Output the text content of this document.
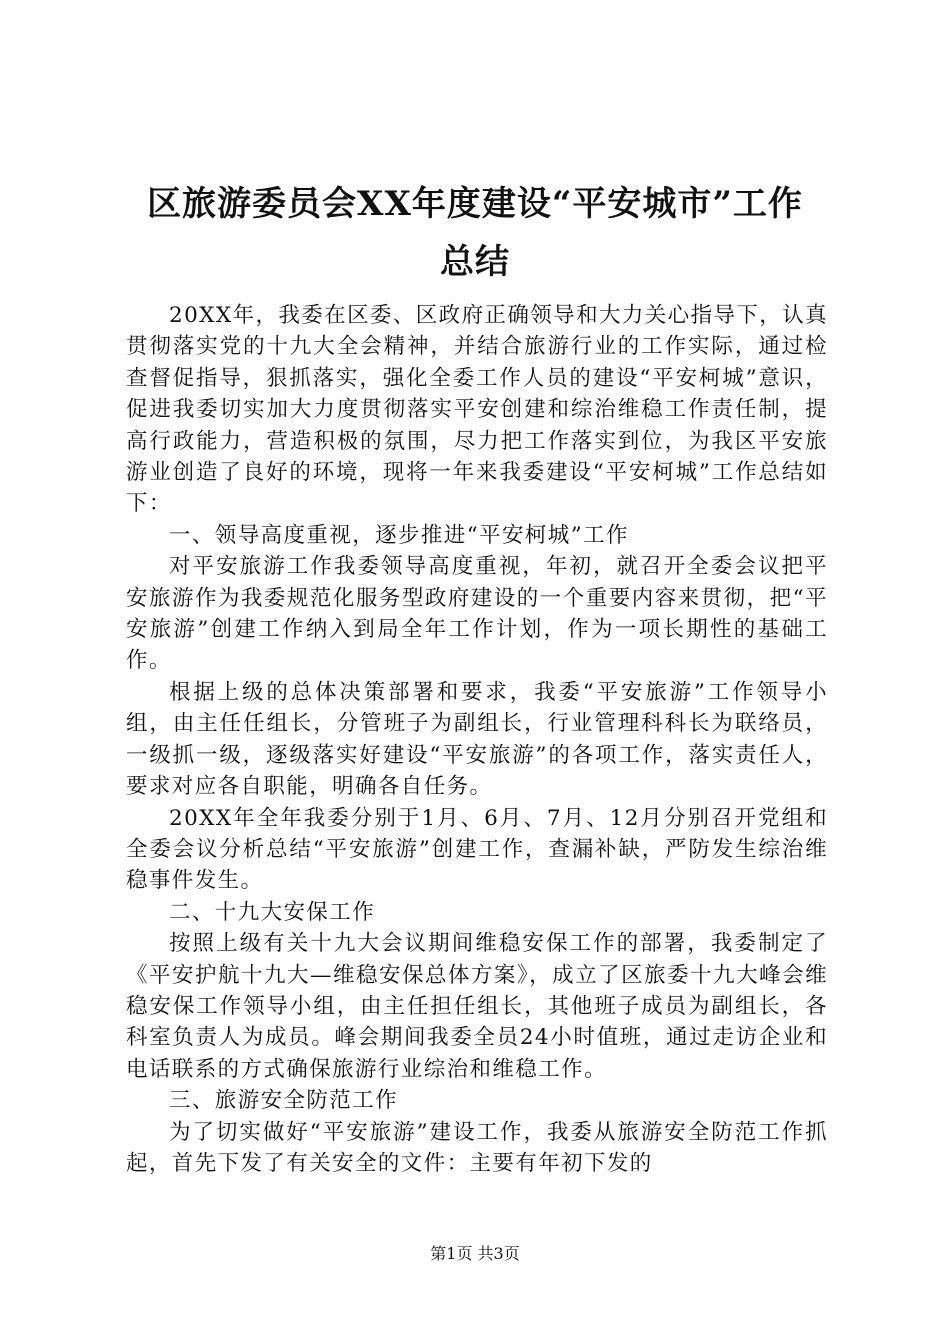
区旅游委员会XX年度建设“平安城市”工作
总结

20XX年，我委在区委、区政府正确领导和大力关心指导下，认真贯彻落实党的十九大全会精神，并结合旅游行业的工作实际，通过检查督促指导，狠抓落实，强化全委工作人员的建设“平安柯城”意识，促进我委切实加大力度贯彻落实平安创建和综治维稳工作责任制，提高行政能力，营造积极的氛围，尽力把工作落实到位，为我区平安旅游业创造了良好的环境，现将一年来我委建设“平安柯城”工作总结如下：

一、领导高度重视，逐步推进“平安柯城”工作

对平安旅游工作我委领导高度重视，年初，就召开全委会议把平安旅游作为我委规范化服务型政府建设的一个重要内容来贯彻，把“平安旅游”创建工作纳入到局全年工作计划，作为一项长期性的基础工作。

根据上级的总体决策部署和要求，我委“平安旅游”工作领导小组，由主任任组长，分管班子为副组长，行业管理科科长为联络员，一级抓一级，逐级落实好建设“平安旅游”的各项工作，落实责任人，要求对应各自职能，明确各自任务。

20XX年全年我委分别于1月、6月、7月、12月分别召开党组和全委会议分析总结“平安旅游”创建工作，查漏补缺，严防发生综治维稳事件发生。

二、十九大安保工作

按照上级有关十九大会议期间维稳安保工作的部署，我委制定了《平安护航十九大—维稳安保总体方案》，成立了区旅委十九大峰会维稳安保工作领导小组，由主任担任组长，其他班子成员为副组长，各科室负责人为成员。峰会期间我委全员24小时值班，通过走访企业和电话联系的方式确保旅游行业综治和维稳工作。

三、旅游安全防范工作

为了切实做好“平安旅游”建设工作，我委从旅游安全防范工作抓起，首先下发了有关安全的文件：主要有年初下发的

第1页 共3页
